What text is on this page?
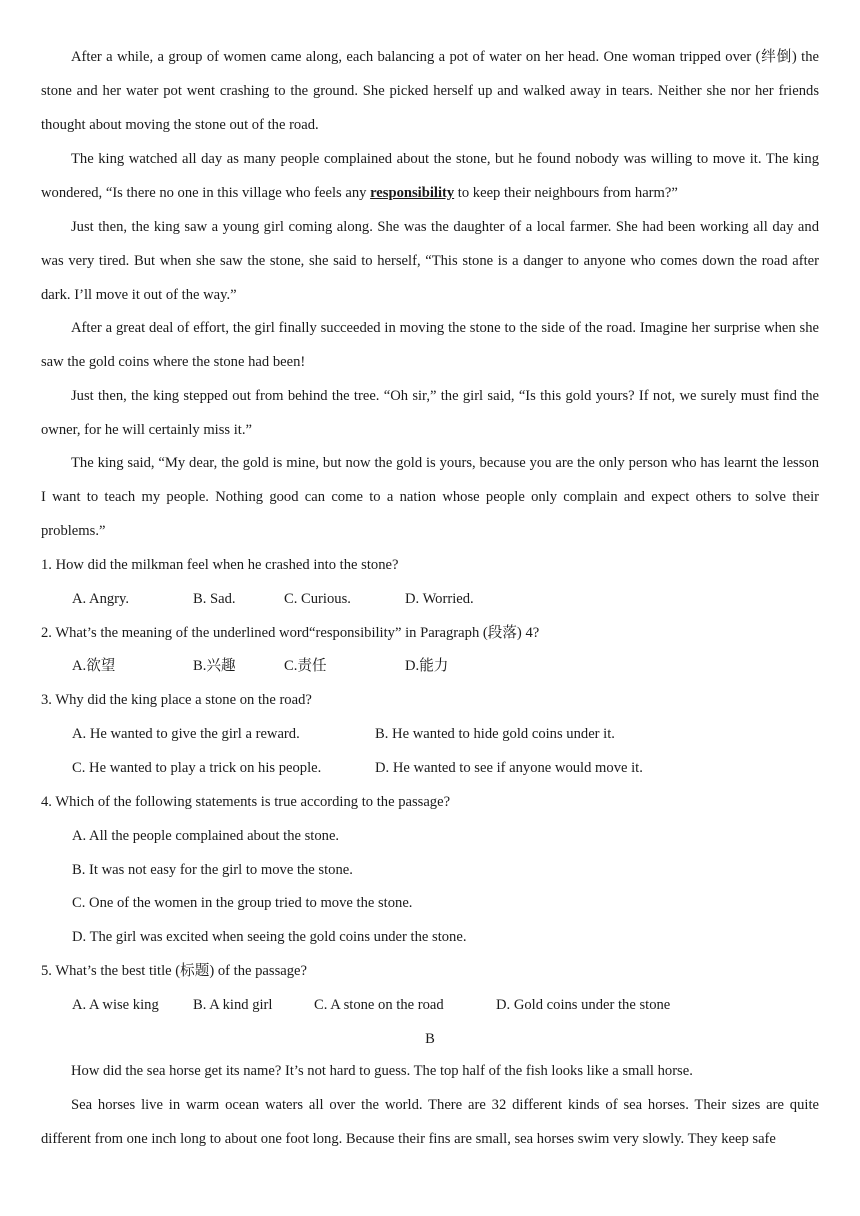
After a while, a group of women came along, each balancing a pot of water on her head. One woman tripped over (绊倒) the stone and her water pot went crashing to the ground. She picked herself up and walked away in tears. Neither she nor her friends thought about moving the stone out of the road.

The king watched all day as many people complained about the stone, but he found nobody was willing to move it. The king wondered, “Is there no one in this village who feels any responsibility to keep their neighbours from harm?”

Just then, the king saw a young girl coming along. She was the daughter of a local farmer. She had been working all day and was very tired. But when she saw the stone, she said to herself, “This stone is a danger to anyone who comes down the road after dark. I’ll move it out of the way.”

After a great deal of effort, the girl finally succeeded in moving the stone to the side of the road. Imagine her surprise when she saw the gold coins where the stone had been!

Just then, the king stepped out from behind the tree. “Oh sir,” the girl said, “Is this gold yours? If not, we surely must find the owner, for he will certainly miss it.”

The king said, “My dear, the gold is mine, but now the gold is yours, because you are the only person who has learnt the lesson I want to teach my people. Nothing good can come to a nation whose people only complain and expect others to solve their problems.”

1. How did the milkman feel when he crashed into the stone?
A. Angry.	B. Sad.	C. Curious.	D. Worried.
2. What’s the meaning of the underlined word“responsibility” in Paragraph (段落) 4?
A.欲望	B.兴趣	C.责任	D.能力
3. Why did the king place a stone on the road?
A. He wanted to give the girl a reward.	B. He wanted to hide gold coins under it.
C. He wanted to play a trick on his people.	D. He wanted to see if anyone would move it.
4. Which of the following statements is true according to the passage?
A. All the people complained about the stone.
B. It was not easy for the girl to move the stone.
C. One of the women in the group tried to move the stone.
D. The girl was excited when seeing the gold coins under the stone.
5. What’s the best title (标题) of the passage?
A. A wise king B. A kind girl	C. A stone on the road	D. Gold coins under the stone
B

How did the sea horse get its name? It’s not hard to guess. The top half of the fish looks like a small horse.

Sea horses live in warm ocean waters all over the world. There are 32 different kinds of sea horses. Their sizes are quite different from one inch long to about one foot long. Because their fins are small, sea horses swim very slowly. They keep safe
